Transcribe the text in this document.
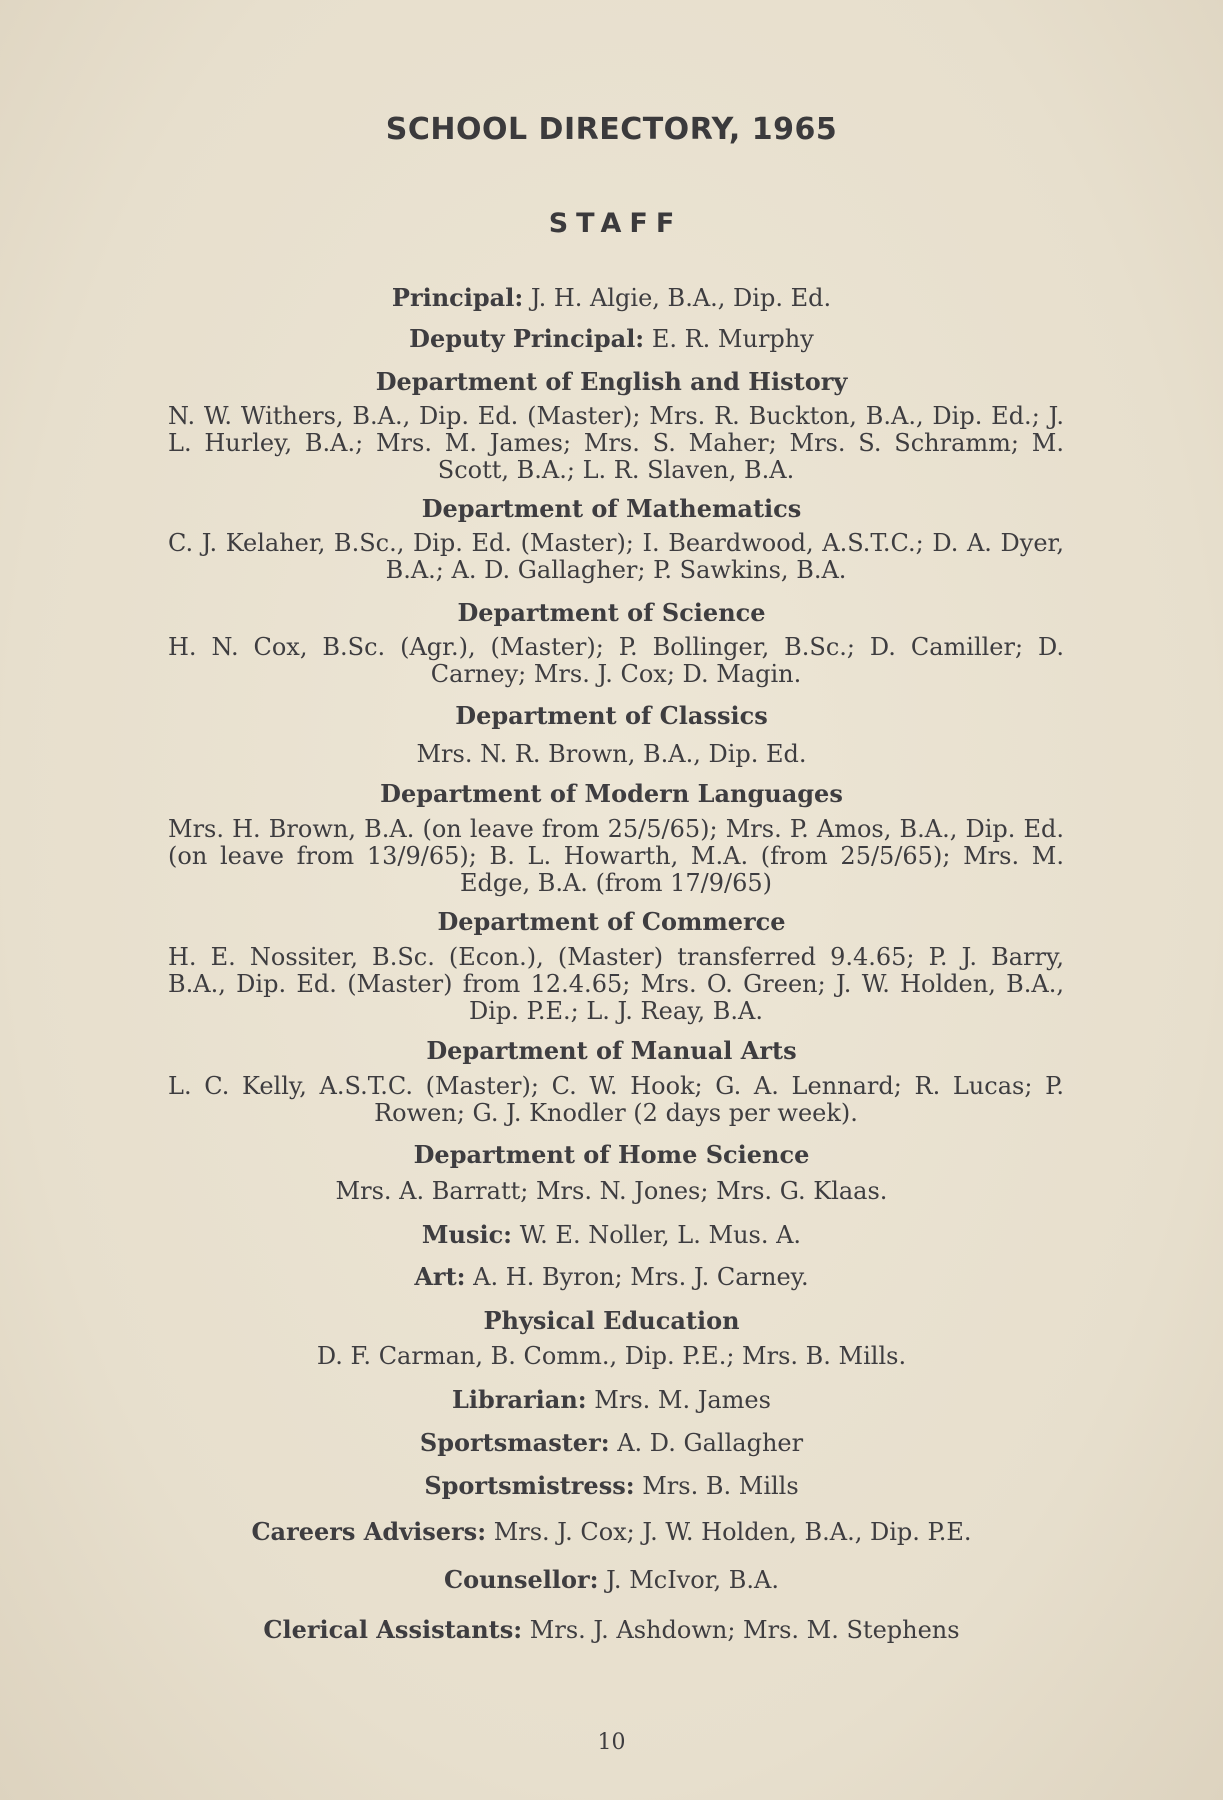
SCHOOL DIRECTORY, 1965
STAFF
Principal: J. H. Algie, B.A., Dip. Ed.
Deputy Principal: E. R. Murphy
Department of English and History
N. W. Withers, B.A., Dip. Ed. (Master); Mrs. R. Buckton, B.A., Dip. Ed.; J. L. Hurley, B.A.; Mrs. M. James; Mrs. S. Maher; Mrs. S. Schramm; M. Scott, B.A.; L. R. Slaven, B.A.
Department of Mathematics
C. J. Kelaher, B.Sc., Dip. Ed. (Master); I. Beardwood, A.S.T.C.; D. A. Dyer, B.A.; A. D. Gallagher; P. Sawkins, B.A.
Department of Science
H. N. Cox, B.Sc. (Agr.), (Master); P. Bollinger, B.Sc.; D. Camiller; D. Carney; Mrs. J. Cox; D. Magin.
Department of Classics
Mrs. N. R. Brown, B.A., Dip. Ed.
Department of Modern Languages
Mrs. H. Brown, B.A. (on leave from 25/5/65); Mrs. P. Amos, B.A., Dip. Ed. (on leave from 13/9/65); B. L. Howarth, M.A. (from 25/5/65); Mrs. M. Edge, B.A. (from 17/9/65)
Department of Commerce
H. E. Nossiter, B.Sc. (Econ.), (Master) transferred 9.4.65; P. J. Barry, B.A., Dip. Ed. (Master) from 12.4.65; Mrs. O. Green; J. W. Holden, B.A., Dip. P.E.; L. J. Reay, B.A.
Department of Manual Arts
L. C. Kelly, A.S.T.C. (Master); C. W. Hook; G. A. Lennard; R. Lucas; P. Rowen; G. J. Knodler (2 days per week).
Department of Home Science
Mrs. A. Barratt; Mrs. N. Jones; Mrs. G. Klaas.
Music: W. E. Noller, L. Mus. A.
Art: A. H. Byron; Mrs. J. Carney.
Physical Education
D. F. Carman, B. Comm., Dip. P.E.; Mrs. B. Mills.
Librarian: Mrs. M. James
Sportsmaster: A. D. Gallagher
Sportsmistress: Mrs. B. Mills
Careers Advisers: Mrs. J. Cox; J. W. Holden, B.A., Dip. P.E.
Counsellor: J. McIvor, B.A.
Clerical Assistants: Mrs. J. Ashdown; Mrs. M. Stephens
10
